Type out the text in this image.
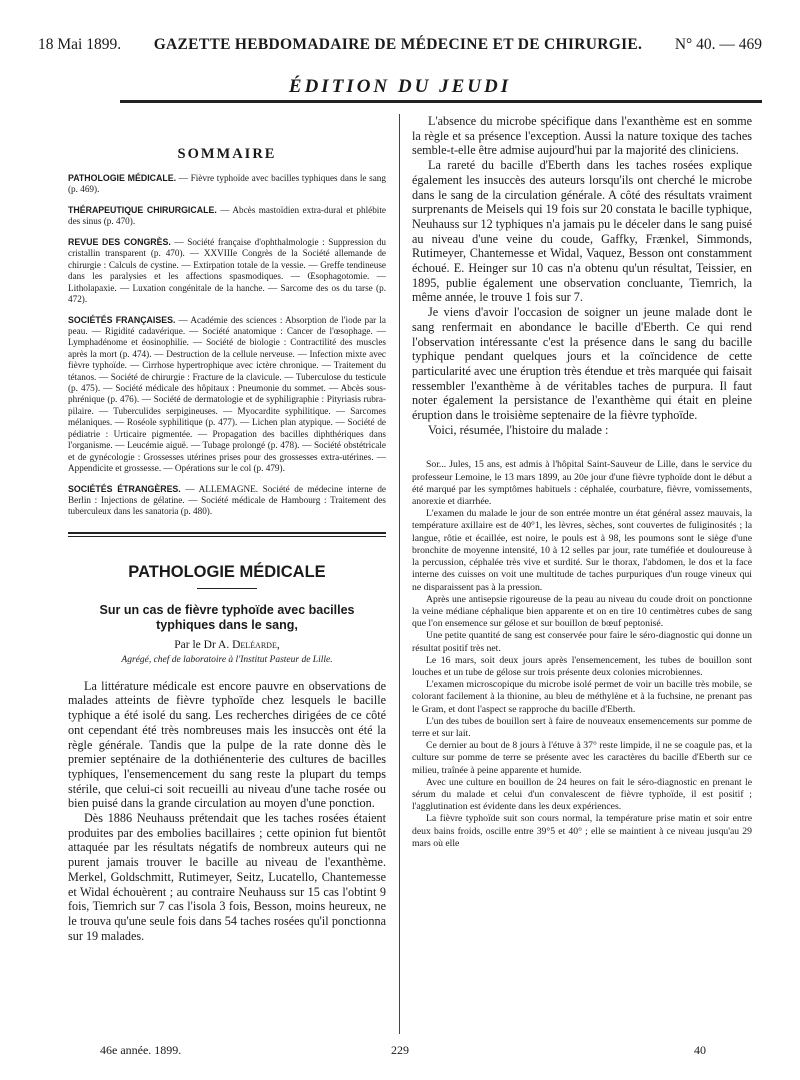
18 Mai 1899. GAZETTE HEBDOMADAIRE DE MÉDECINE ET DE CHIRURGIE. N° 40. — 469
ÉDITION DU JEUDI
SOMMAIRE

PATHOLOGIE MÉDICALE. — Fièvre typhoïde avec bacilles typhiques dans le sang (p. 469).

THÉRAPEUTIQUE CHIRURGICALE. — Abcès mastoïdien extra-dural et phlébite des sinus (p. 470).

REVUE DES CONGRÈS. — Société française d'ophthalmologie : Suppression du cristallin transparent (p. 470). — XXVIIIe Congrès de la Société allemande de chirurgie : Calculs de cystine. — Extirpation totale de la vessie. — Greffe tendineuse dans les paralysies et les affections spasmodiques. — Œsophagotomie. — Litholapaxie. — Luxation congénitale de la hanche. — Sarcome des os du tarse (p. 472).

SOCIÉTÉS FRANÇAISES. — Académie des sciences : Absorption de l'iode par la peau. — Rigidité cadavérique. — Société anatomique : Cancer de l'œsophage. — Lymphadénome et éosinophilie. — Société de biologie : Contractilité des muscles après la mort (p. 474). — Destruction de la cellule nerveuse. — Infection mixte avec fièvre typhoïde. — Cirrhose hypertrophique avec ictère chronique. — Traitement du tétanos. — Société de chirurgie : Fracture de la clavicule. — Tuberculose du testicule (p. 475). — Société médicale des hôpitaux : Pneumonie du sommet. — Abcès sous-phrénique (p. 476). — Société de dermatologie et de syphiligraphie : Pityriasis rubra-pilaire. — Tuberculides serpigineuses. — Myocardite syphilitique. — Sarcomes mélaniques. — Roséole syphilitique (p. 477). — Lichen plan atypique. — Société de pédiatrie : Urticaire pigmentée. — Propagation des bacilles diphthériques dans l'organisme. — Leucémie aiguë. — Tubage prolongé (p. 478). — Société obstétricale et de gynécologie : Grossesses utérines prises pour des grossesses extra-utérines. — Appendicite et grossesse. — Opérations sur le col (p. 479).

SOCIÉTÉS ÉTRANGÈRES. — ALLEMAGNE. Société de médecine interne de Berlin : Injections de gélatine. — Société médicale de Hambourg : Traitement des tuberculeux dans les sanatoria (p. 480).

PATHOLOGIE MÉDICALE
Sur un cas de fièvre typhoïde avec bacilles typhiques dans le sang,
Par le Dr A. Deléarde,
Agrégé, chef de laboratoire à l'Institut Pasteur de Lille.

La littérature médicale est encore pauvre en observations de malades atteints de fièvre typhoïde chez lesquels le bacille typhique a été isolé du sang. Les recherches dirigées de ce côté ont cependant été très nombreuses mais les insuccès ont été la règle générale. Tandis que la pulpe de la rate donne dès le premier septénaire de la dothiénenterie des cultures de bacilles typhiques, l'ensemencement du sang reste la plupart du temps stérile, que celui-ci soit recueilli au niveau d'une tache rosée ou bien puisé dans la grande circulation au moyen d'une ponction.

Dès 1886 Neuhauss prétendait que les taches rosées étaient produites par des embolies bacillaires ; cette opinion fut bientôt attaquée par les résultats négatifs de nombreux auteurs qui ne purent jamais trouver le bacille au niveau de l'exanthème. Merkel, Goldschmitt, Rutimeyer, Seitz, Lucatello, Chantemesse et Widal échouèrent ; au contraire Neuhauss sur 15 cas l'obtint 9 fois, Tiemrich sur 7 cas l'isola 3 fois, Besson, moins heureux, ne le trouva qu'une seule fois dans 54 taches rosées qu'il ponctionna sur 19 malades.

L'absence du microbe spécifique dans l'exanthème est en somme la règle et sa présence l'exception. Aussi la nature toxique des taches semble-t-elle être admise aujourd'hui par la majorité des cliniciens.

La rareté du bacille d'Eberth dans les taches rosées explique également les insuccès des auteurs lorsqu'ils ont cherché le microbe dans le sang de la circulation générale. A côté des résultats vraiment surprenants de Meisels qui 19 fois sur 20 constata le bacille typhique, Neuhauss sur 12 typhiques n'a jamais pu le déceler dans le sang puisé au niveau d'une veine du coude, Gaffky, Frænkel, Simmonds, Rutimeyer, Chantemesse et Widal, Vaquez, Besson ont constamment échoué. E. Heinger sur 10 cas n'a obtenu qu'un résultat, Teissier, en 1895, publie également une observation concluante, Tiemrich, la même année, le trouve 1 fois sur 7.

Je viens d'avoir l'occasion de soigner un jeune malade dont le sang renfermait en abondance le bacille d'Eberth. Ce qui rend l'observation intéressante c'est la présence dans le sang du bacille typhique pendant quelques jours et la coïncidence de cette particularité avec une éruption très étendue et très marquée qui faisait ressembler l'exanthème à de véritables taches de purpura. Il faut noter également la persistance de l'exanthème qui était en pleine éruption dans le troisième septenaire de la fièvre typhoïde.

Voici, résumée, l'histoire du malade :

Sor... Jules, 15 ans, est admis à l'hôpital Saint-Sauveur de Lille, dans le service du professeur Lemoine, le 13 mars 1899, au 20e jour d'une fièvre typhoïde dont le début a été marqué par les symptômes habituels : céphalée, courbature, fièvre, vomissements, anorexie et diarrhée.

L'examen du malade le jour de son entrée montre un état général assez mauvais, la température axillaire est de 40°1, les lèvres, sèches, sont couvertes de fuliginosités ; la langue, rôtie et écaillée, est noire, le pouls est à 98, les poumons sont le siège d'une bronchite de moyenne intensité, 10 à 12 selles par jour, rate tuméfiée et douloureuse à la percussion, céphalée très vive et surdité. Sur le thorax, l'abdomen, le dos et la face interne des cuisses on voit une multitude de taches purpuriques d'un rouge vineux qui ne disparaissent pas à la pression.

Après une antisepsie rigoureuse de la peau au niveau du coude droit on ponctionne la veine médiane céphalique bien apparente et on en tire 10 centimètres cubes de sang que l'on ensemence sur gélose et sur bouillon de bœuf peptonisé.

Une petite quantité de sang est conservée pour faire le séro-diagnostic qui donne un résultat positif très net.

Le 16 mars, soit deux jours après l'ensemencement, les tubes de bouillon sont louches et un tube de gélose sur trois présente deux colonies microbiennes.

L'examen microscopique du microbe isolé permet de voir un bacille très mobile, se colorant facilement à la thionine, au bleu de méthylène et à la fuchsine, ne prenant pas le Gram, et dont l'aspect se rapproche du bacille d'Eberth.

L'un des tubes de bouillon sert à faire de nouveaux ensemencements sur pomme de terre et sur lait.

Ce dernier au bout de 8 jours à l'étuve à 37° reste limpide, il ne se coagule pas, et la culture sur pomme de terre se présente avec les caractères du bacille d'Eberth sur ce milieu, traînée à peine apparente et humide.

Avec une culture en bouillon de 24 heures on fait le séro-diagnostic en prenant le sérum du malade et celui d'un convalescent de fièvre typhoïde, il est positif ; l'agglutination est évidente dans les deux expériences.

La fièvre typhoïde suit son cours normal, la température prise matin et soir entre deux bains froids, oscille entre 39°5 et 40° ; elle se maintient à ce niveau jusqu'au 29 mars où elle

46e année. 1899.	229	40
